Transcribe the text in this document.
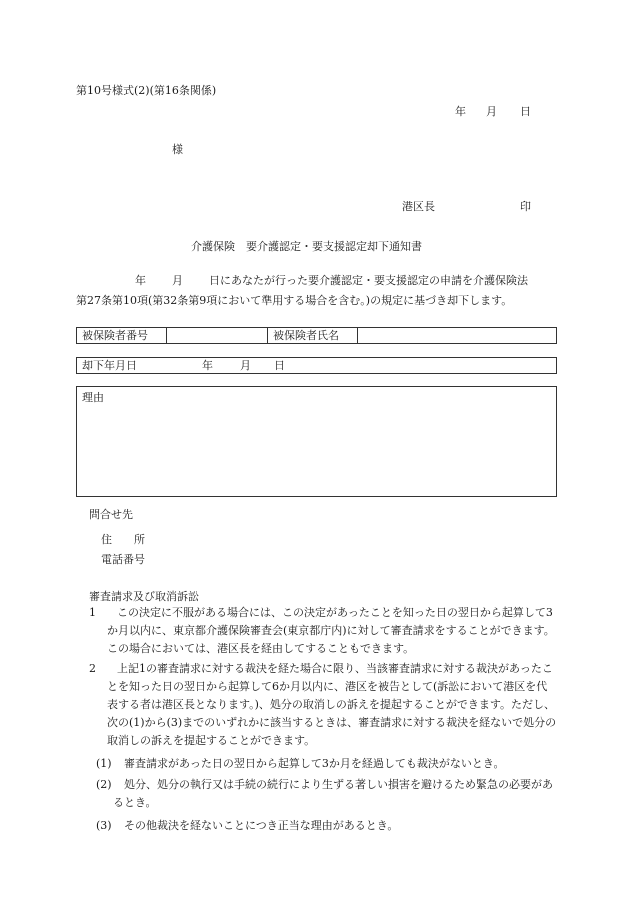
第10号様式(2)(第16条関係)
年 月 日
様
港区長	印
介護保険　要介護認定・要支援認定却下通知書
年 月 日にあなたが行った要介護認定・要支援認定の申請を介護保険法
第27条第10項(第32条第9項において準用する場合を含む。)の規定に基づき却下します。
被保険者番号	被保険者氏名
却下年月日	年	月	日
理由
問合せ先
住　　所
電話番号
審査請求及び取消訴訟
1	この決定に不服がある場合には、この決定があったことを知った日の翌日から起算して3か月以内に、東京都介護保険審査会(東京都庁内)に対して審査請求をすることができます。この場合においては、港区長を経由してすることもできます。
2	上記1の審査請求に対する裁決を経た場合に限り、当該審査請求に対する裁決があったことを知った日の翌日から起算して6か月以内に、港区を被告として(訴訟において港区を代表する者は港区長となります。)、処分の取消しの訴えを提起することができます。ただし、次の(1)から(3)までのいずれかに該当するときは、審査請求に対する裁決を経ないで処分の取消しの訴えを提起することができます。
(1) 審査請求があった日の翌日から起算して3か月を経過しても裁決がないとき。
(2)	処分、処分の執行又は手続の続行により生ずる著しい損害を避けるため緊急の必要があるとき。
(3) その他裁決を経ないことにつき正当な理由があるとき。
